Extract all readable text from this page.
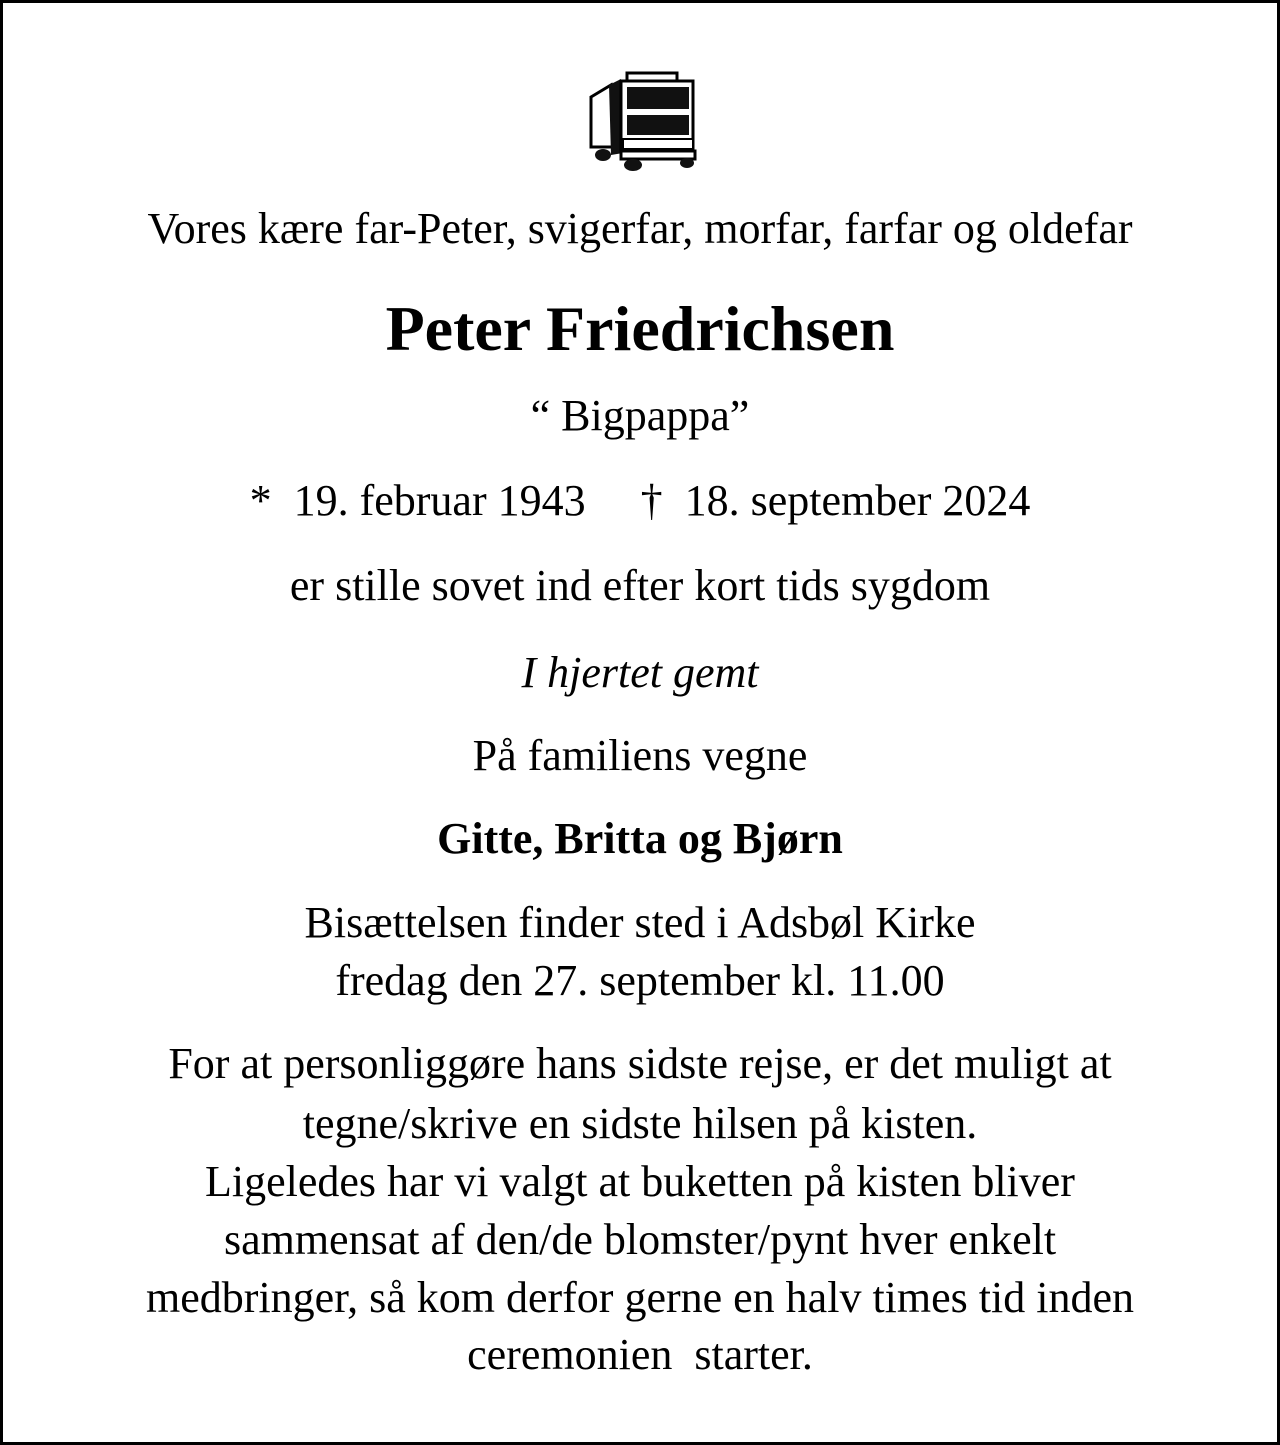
Vores kære far-Peter, svigerfar, morfar, farfar og oldefar
Peter Friedrichsen
“ Bigpappa”
*  19. februar 1943     †  18. september 2024
er stille sovet ind efter kort tids sygdom
I hjertet gemt
På familiens vegne
Gitte, Britta og Bjørn
Bisættelsen finder sted i Adsbøl Kirke
fredag den 27. september kl. 11.00
For at personliggøre hans sidste rejse, er det muligt at
tegne/skrive en sidste hilsen på kisten.
Ligeledes har vi valgt at buketten på kisten bliver
sammensat af den/de blomster/pynt hver enkelt
medbringer, så kom derfor gerne en halv times tid inden
ceremonien  starter.
